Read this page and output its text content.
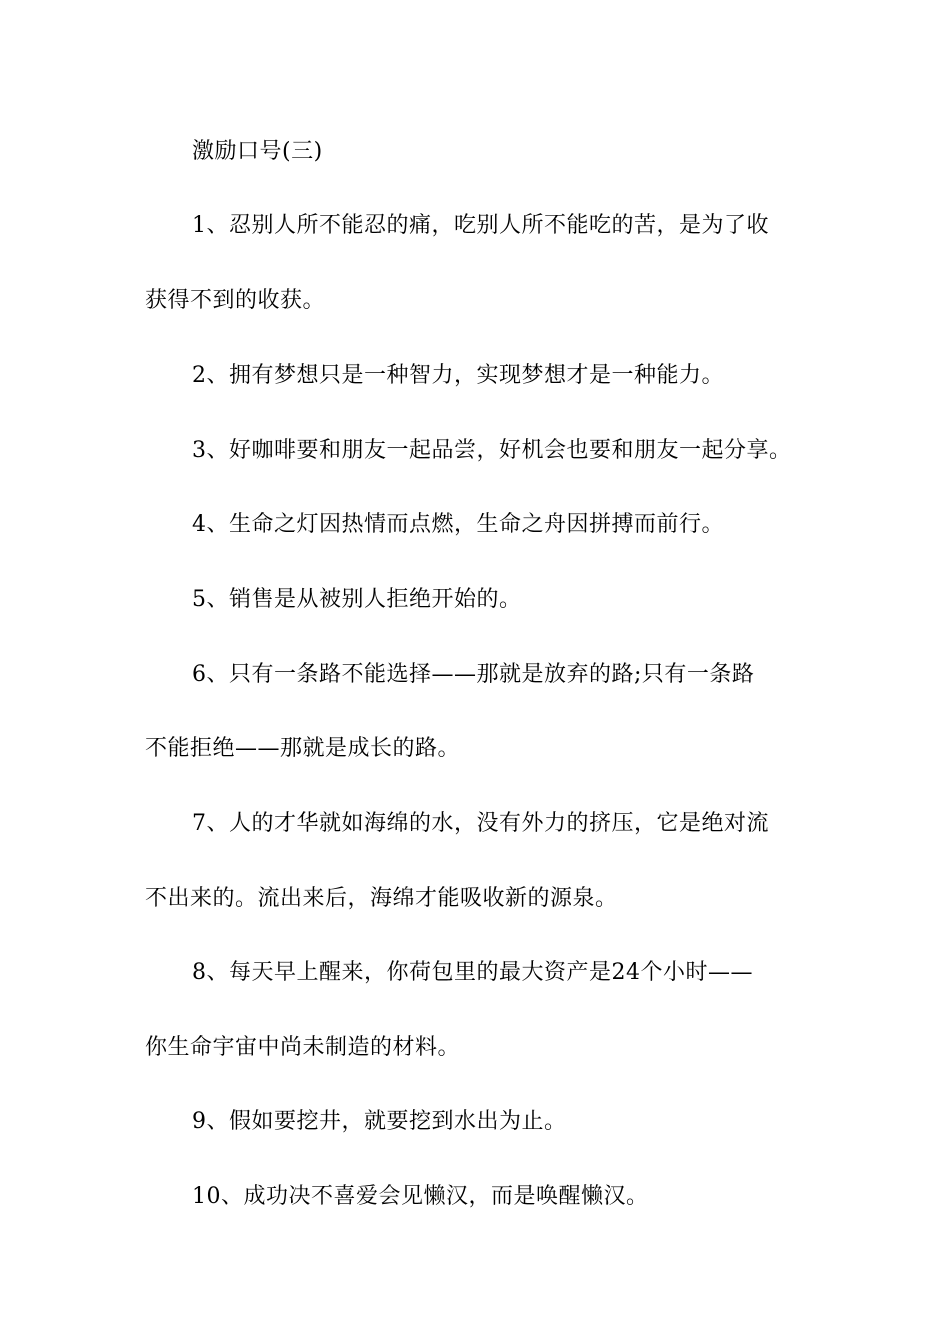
激励口号(三)
1、忍别人所不能忍的痛，吃别人所不能吃的苦，是为了收
获得不到的收获。
2、拥有梦想只是一种智力，实现梦想才是一种能力。
3、好咖啡要和朋友一起品尝，好机会也要和朋友一起分享。
4、生命之灯因热情而点燃，生命之舟因拼搏而前行。
5、销售是从被别人拒绝开始的。
6、只有一条路不能选择——那就是放弃的路;只有一条路
不能拒绝——那就是成长的路。
7、人的才华就如海绵的水，没有外力的挤压，它是绝对流
不出来的。流出来后，海绵才能吸收新的源泉。
8、每天早上醒来，你荷包里的最大资产是24个小时——
你生命宇宙中尚未制造的材料。
9、假如要挖井，就要挖到水出为止。
10、成功决不喜爱会见懒汉，而是唤醒懒汉。
